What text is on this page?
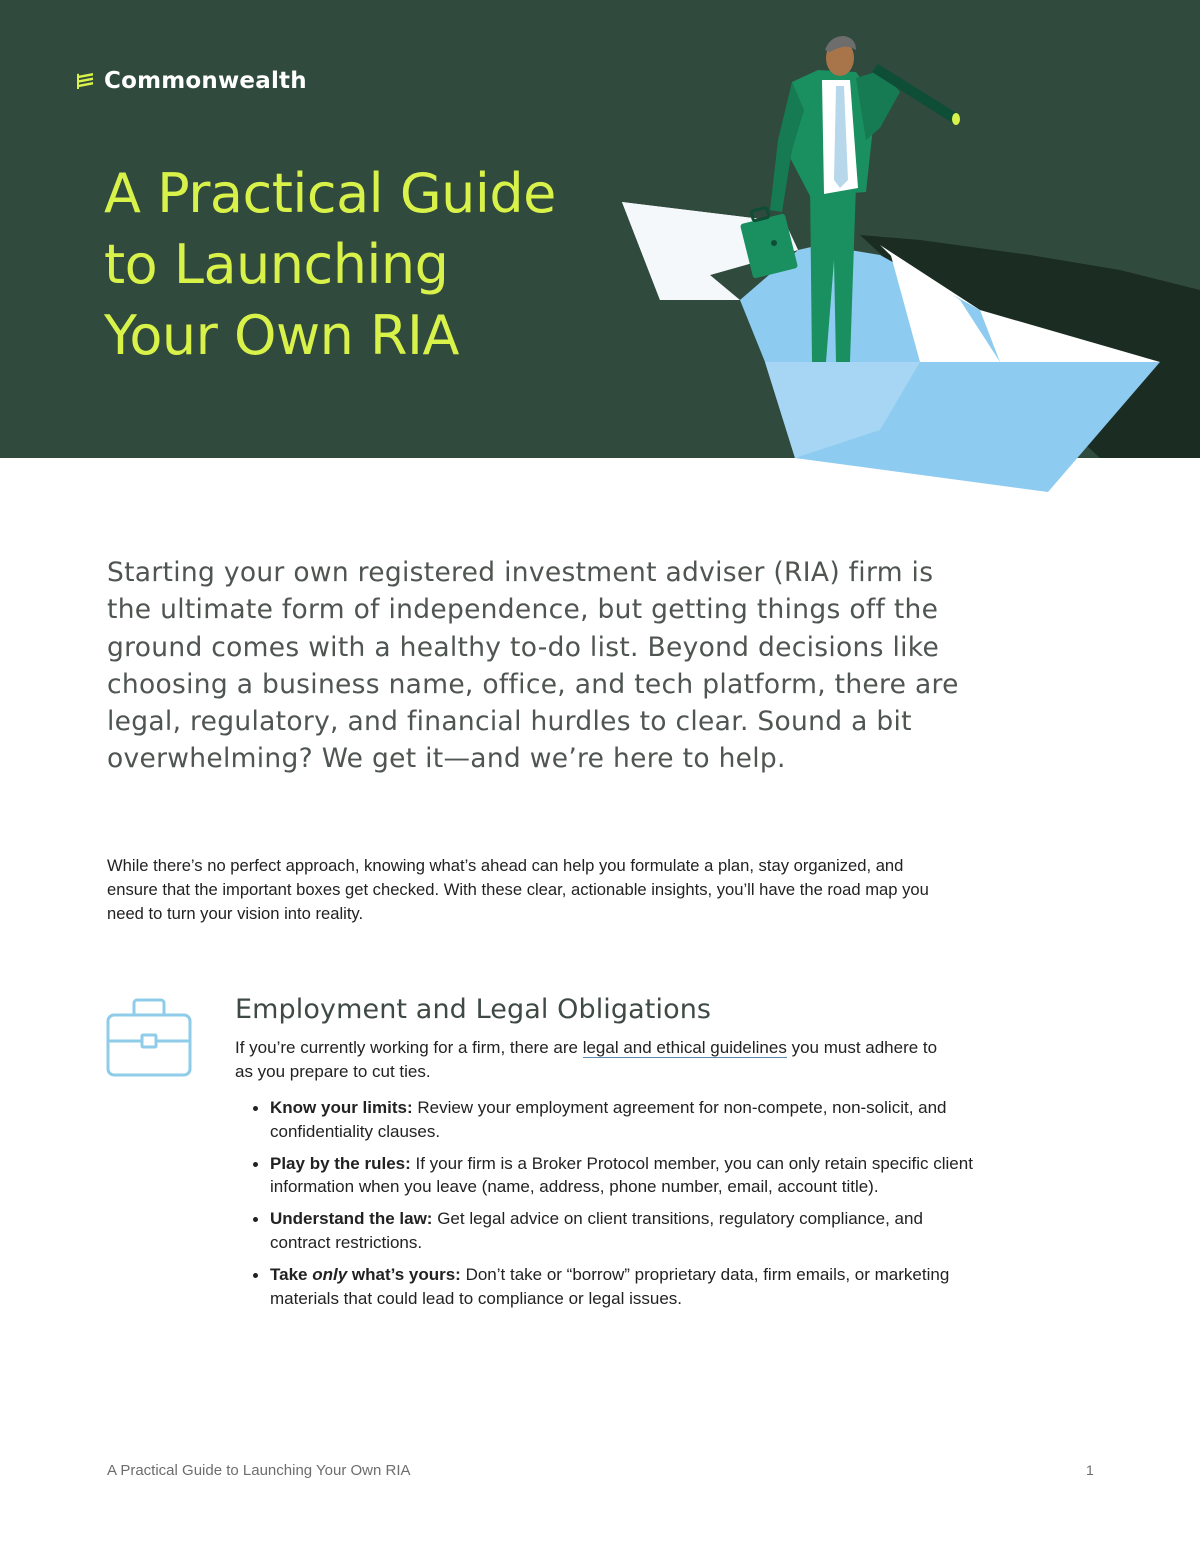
Commonwealth
A Practical Guide
to Launching
Your Own RIA

Starting your own registered investment adviser (RIA) firm is the ultimate form of independence, but getting things off the ground comes with a healthy to-do list. Beyond decisions like choosing a business name, office, and tech platform, there are legal, regulatory, and financial hurdles to clear. Sound a bit overwhelming? We get it—and we’re here to help.

While there’s no perfect approach, knowing what’s ahead can help you formulate a plan, stay organized, and ensure that the important boxes get checked. With these clear, actionable insights, you’ll have the road map you need to turn your vision into reality.

Employment and Legal Obligations

If you’re currently working for a firm, there are legal and ethical guidelines you must adhere to as you prepare to cut ties.

Know your limits: Review your employment agreement for non-compete, non-solicit, and confidentiality clauses.
Play by the rules: If your firm is a Broker Protocol member, you can only retain specific client information when you leave (name, address, phone number, email, account title).
Understand the law: Get legal advice on client transitions, regulatory compliance, and contract restrictions.
Take only what’s yours: Don’t take or “borrow” proprietary data, firm emails, or marketing materials that could lead to compliance or legal issues.
A Practical Guide to Launching Your Own RIA	1
